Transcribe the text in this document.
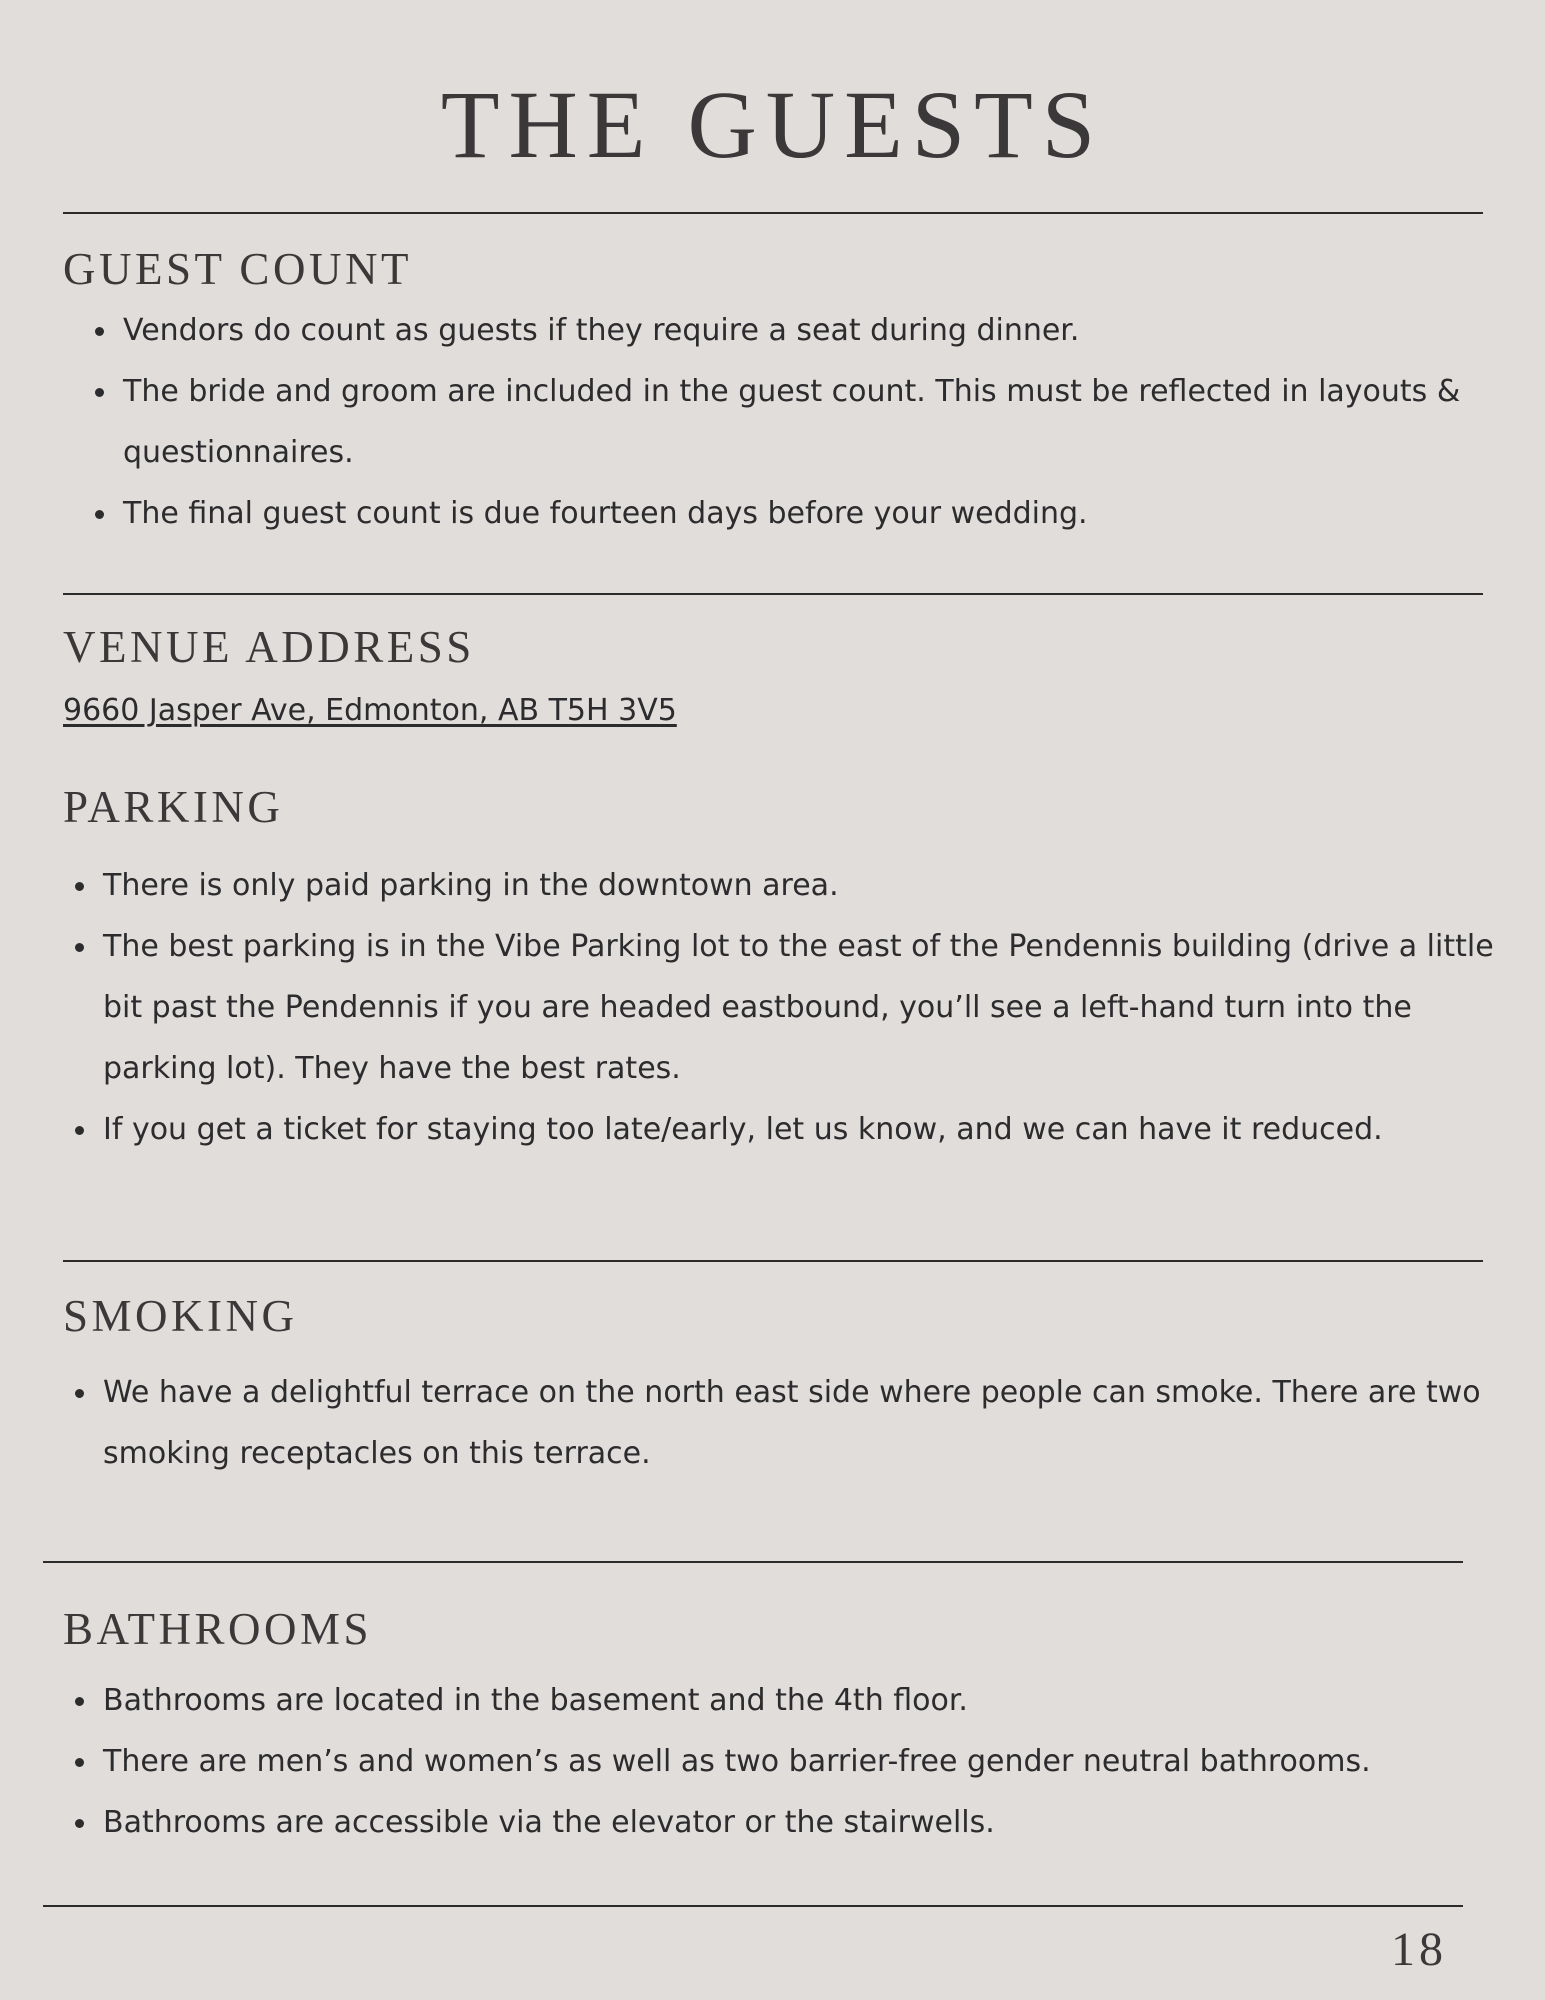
THE GUESTS
GUEST COUNT
Vendors do count as guests if they require a seat during dinner.
The bride and groom are included in the guest count. This must be reflected in layouts & questionnaires.
The final guest count is due fourteen days before your wedding.
VENUE ADDRESS
9660 Jasper Ave, Edmonton, AB T5H 3V5
PARKING
There is only paid parking in the downtown area.
The best parking is in the Vibe Parking lot to the east of the Pendennis building (drive a little bit past the Pendennis if you are headed eastbound, you’ll see a left-hand turn into the parking lot). They have the best rates.
If you get a ticket for staying too late/early, let us know, and we can have it reduced.
SMOKING
We have a delightful terrace on the north east side where people can smoke. There are two smoking receptacles on this terrace.
BATHROOMS
Bathrooms are located in the basement and the 4th floor.
There are men’s and women’s as well as two barrier-free gender neutral bathrooms.
Bathrooms are accessible via the elevator or the stairwells.
18
